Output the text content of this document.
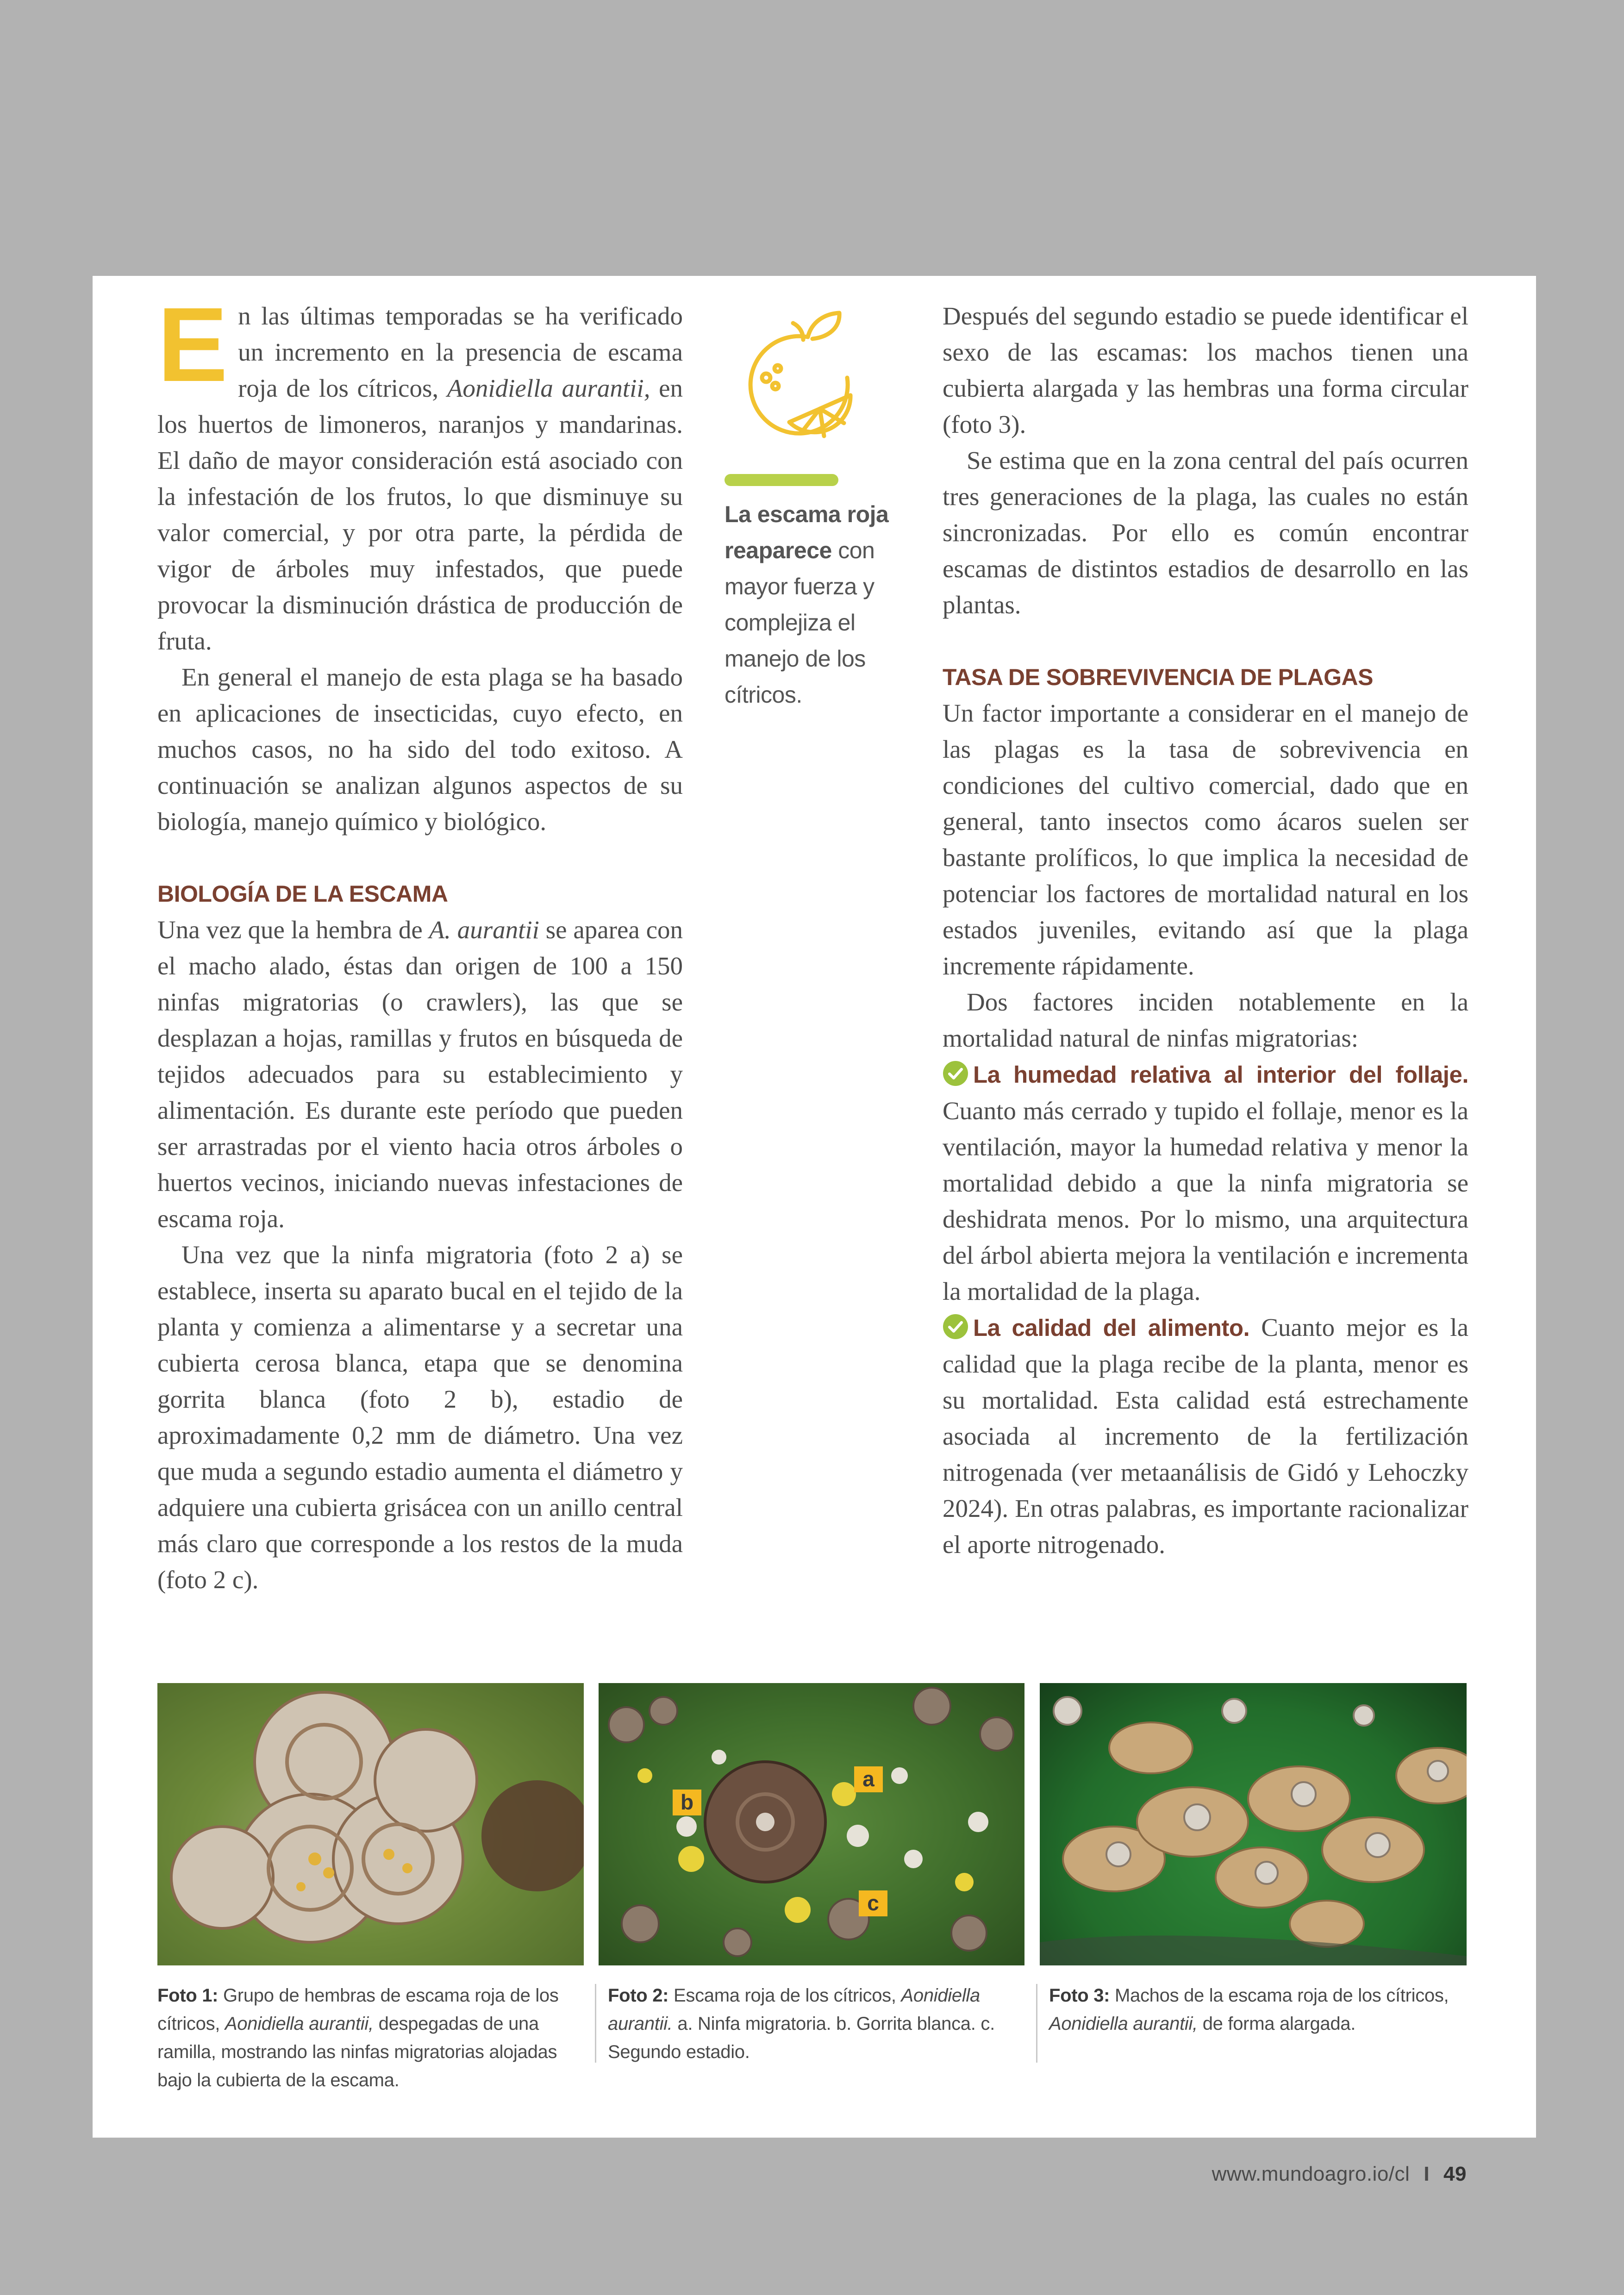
En las últimas temporadas se ha verificado un incremento en la presencia de escama roja de los cítricos, Aonidiella aurantii, en los huertos de limoneros, naranjos y mandarinas. El daño de mayor consideración está asociado con la infestación de los frutos, lo que disminuye su valor comercial, y por otra parte, la pérdida de vigor de árboles muy infestados, que puede provocar la disminución drástica de producción de fruta.

En general el manejo de esta plaga se ha basado en aplicaciones de insecticidas, cuyo efecto, en muchos casos, no ha sido del todo exitoso. A continuación se analizan algunos aspectos de su biología, manejo químico y biológico.

BIOLOGÍA DE LA ESCAMA

Una vez que la hembra de A. aurantii se aparea con el macho alado, éstas dan origen de 100 a 150 ninfas migratorias (o crawlers), las que se desplazan a hojas, ramillas y frutos en búsqueda de tejidos adecuados para su establecimiento y alimentación. Es durante este período que pueden ser arrastradas por el viento hacia otros árboles o huertos vecinos, iniciando nuevas infestaciones de escama roja.

Una vez que la ninfa migratoria (foto 2 a) se establece, inserta su aparato bucal en el tejido de la planta y comienza a alimentarse y a secretar una cubierta cerosa blanca, etapa que se denomina gorrita blanca (foto 2 b), estadio de aproximadamente 0,2 mm de diámetro. Una vez que muda a segundo estadio aumenta el diámetro y adquiere una cubierta grisácea con un anillo central más claro que corresponde a los restos de la muda (foto 2 c).

La escama roja reaparece con mayor fuerza y complejiza el manejo de los cítricos.

Después del segundo estadio se puede identificar el sexo de las escamas: los machos tienen una cubierta alargada y las hembras una forma circular (foto 3).

Se estima que en la zona central del país ocurren tres generaciones de la plaga, las cuales no están sincronizadas. Por ello es común encontrar escamas de distintos estadios de desarrollo en las plantas.

TASA DE SOBREVIVENCIA DE PLAGAS

Un factor importante a considerar en el manejo de las plagas es la tasa de sobrevivencia en condiciones del cultivo comercial, dado que en general, tanto insectos como ácaros suelen ser bastante prolíficos, lo que implica la necesidad de potenciar los factores de mortalidad natural en los estados juveniles, evitando así que la plaga incremente rápidamente.

Dos factores inciden notablemente en la mortalidad natural de ninfas migratorias:

La humedad relativa al interior del follaje. Cuanto más cerrado y tupido el follaje, menor es la ventilación, mayor la humedad relativa y menor la mortalidad debido a que la ninfa migratoria se deshidrata menos. Por lo mismo, una arquitectura del árbol abierta mejora la ventilación e incrementa la mortalidad de la plaga.

La calidad del alimento. Cuanto mejor es la calidad que la plaga recibe de la planta, menor es su mortalidad. Esta calidad está estrechamente asociada al incremento de la fertilización nitrogenada (ver metaanálisis de Gidó y Lehoczky 2024). En otras palabras, es importante racionalizar el aporte nitrogenado.

b
a
c
Foto 1: Grupo de hembras de escama roja de los cítricos, Aonidiella aurantii, despegadas de una ramilla, mostrando las ninfas migratorias alojadas bajo la cubierta de la escama.
Foto 2: Escama roja de los cítricos, Aonidiella aurantii. a. Ninfa migratoria. b. Gorrita blanca. c. Segundo estadio.
Foto 3: Machos de la escama roja de los cítricos, Aonidiella aurantii, de forma alargada.
www.mundoagro.io/cl I 49
